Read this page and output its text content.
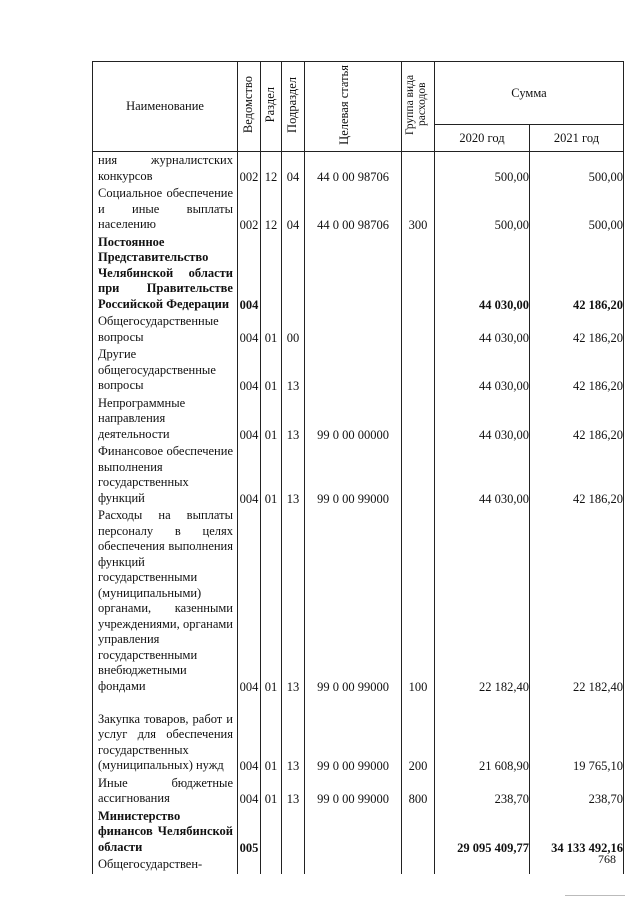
Наименование	Ведомство	Раздел	Подраздел	Целевая статья	Группа вида расходов	Сумма	
						2020 год	2021 год
ния журналистских конкурсов	002	12	04	44 0 00 98706		500,00	500,00
Социальное обеспечение и иные выплаты населению	002	12	04	44 0 00 98706	300	500,00	500,00
Постоянное Представительство Челябинской области при Правительстве Российской Федерации	004					44 030,00	42 186,20
Общегосударственные вопросы	004	01	00			44 030,00	42 186,20
Другие общегосударственные вопросы	004	01	13			44 030,00	42 186,20
Непрограммные направления деятельности	004	01	13	99 0 00 00000		44 030,00	42 186,20
Финансовое обеспечение выполнения государственных функций	004	01	13	99 0 00 99000		44 030,00	42 186,20
Расходы на выплаты персоналу в целях обеспечения выполнения функций государственными (муниципальными) органами, казенными учреждениями, органами управления государственными внебюджетными фондами	004	01	13	99 0 00 99000	100	22 182,40	22 182,40
Закупка товаров, работ и услуг для обеспечения государственных (муниципальных) нужд	004	01	13	99 0 00 99000	200	21 608,90	19 765,10
Иные бюджетные ассигнования	004	01	13	99 0 00 99000	800	238,70	238,70
Министерство финансов Челябинской области	005					29 095 409,77	34 133 492,16
Общегосударствен-								768
